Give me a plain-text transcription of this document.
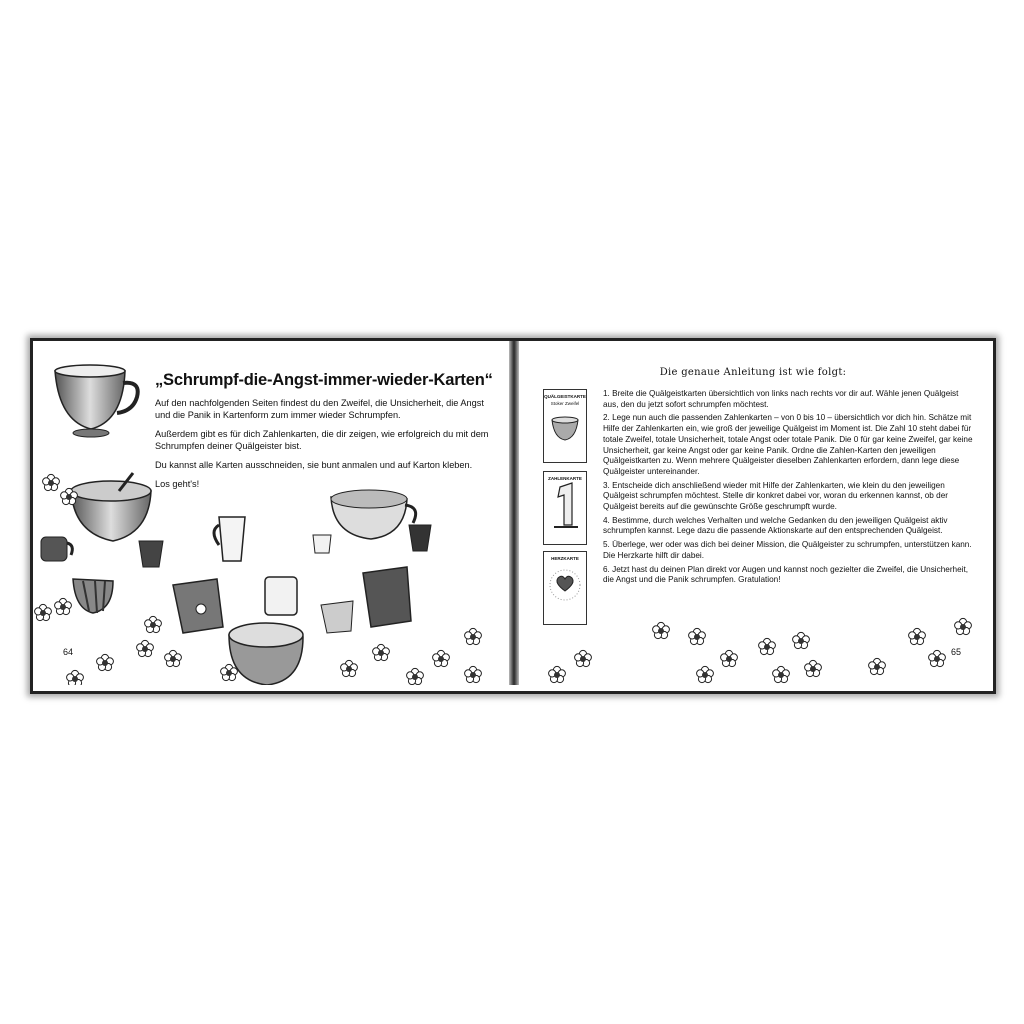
„Schrumpf-die-Angst-immer-wieder-Karten“

Auf den nachfolgenden Seiten findest du den Zweifel, die Unsicherheit, die Angst und die Panik in Kartenform zum immer wieder Schrumpfen.

Außerdem gibt es für dich Zahlenkarten, die dir zeigen, wie erfolgreich du mit dem Schrumpfen deiner Quälgeister bist.

Du kannst alle Karten ausschneiden, sie bunt anmalen und auf Karton kleben.

Los geht's!

64
QUÄLGEISTKARTE
Stoker Zweifel
ZAHLENKARTE
HERZKARTE
Die genaue Anleitung ist wie folgt:

1. Breite die Quälgeistkarten übersichtlich von links nach rechts vor dir auf. Wähle jenen Quälgeist aus, den du jetzt sofort schrumpfen möchtest.

2. Lege nun auch die passenden Zahlenkarten – von 0 bis 10 – übersichtlich vor dich hin. Schätze mit Hilfe der Zahlenkarten ein, wie groß der jeweilige Quälgeist im Moment ist. Die Zahl 10 steht dabei für totale Zweifel, totale Unsicherheit, totale Angst oder totale Panik. Die 0 für gar keine Zweifel, gar keine Unsicherheit, gar keine Angst oder gar keine Panik. Ordne die Zahlen-Karten den jeweiligen Quälgeistkarten zu. Wenn mehrere Quälgeister dieselben Zahlenkarten erfordern, dann lege diese Quälgeister untereinander.

3. Entscheide dich anschließend wieder mit Hilfe der Zahlenkarten, wie klein du den jeweiligen Quälgeist schrumpfen möchtest. Stelle dir konkret dabei vor, woran du erkennen kannst, ob der Quälgeist bereits auf die gewünschte Größe geschrumpft wurde.

4. Bestimme, durch welches Verhalten und welche Gedanken du den jeweiligen Quälgeist aktiv schrumpfen kannst. Lege dazu die passende Aktionskarte auf den entsprechenden Quälgeist.

5. Überlege, wer oder was dich bei deiner Mission, die Quälgeister zu schrumpfen, unterstützen kann. Die Herzkarte hilft dir dabei.

6. Jetzt hast du deinen Plan direkt vor Augen und kannst noch gezielter die Zweifel, die Unsicherheit, die Angst und die Panik schrumpfen. Gratulation!

65
